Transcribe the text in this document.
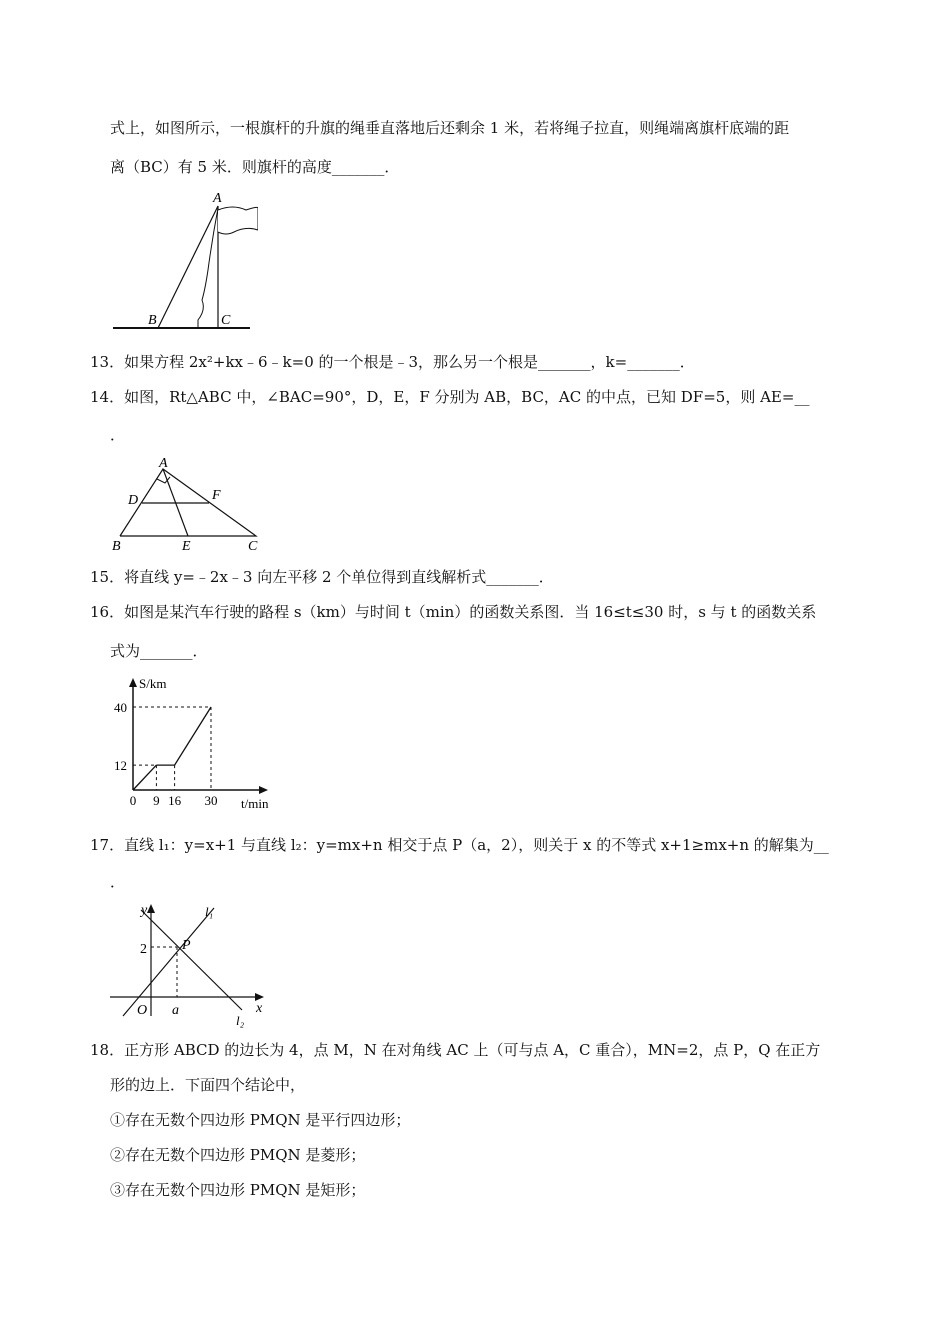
式上，如图所示，一根旗杆的升旗的绳垂直落地后还剩余 1 米，若将绳子拉直，则绳端离旗杆底端的距
离（BC）有 5 米．则旗杆的高度_______．
A
B	C
13．如果方程 2x²+kx﹣6﹣k=0 的一个根是﹣3，那么另一个根是_______，k=_______．
14．如图，Rt△ABC 中，∠BAC=90°，D，E，F 分别为 AB，BC，AC 的中点，已知 DF=5，则 AE=__
．
A
D	F
B	E	C
15．将直线 y=﹣2x﹣3 向左平移 2 个单位得到直线解析式_______．
16．如图是某汽车行驶的路程 s（km）与时间 t（min）的函数关系图．当 16≤t≤30 时，s 与 t 的函数关系
式为_______．
S/km
t/min
0 9 16 30
12
40
17．直线 l₁：y=x+1 与直线 l₂：y=mx+n 相交于点 P（a，2），则关于 x 的不等式 x+1≥mx+n 的解集为__
．
y
x
O a
2	P
l₁
l₂
18．正方形 ABCD 的边长为 4，点 M，N 在对角线 AC 上（可与点 A，C 重合），MN=2，点 P，Q 在正方
形的边上．下面四个结论中，
①存在无数个四边形 PMQN 是平行四边形；
②存在无数个四边形 PMQN 是菱形；
③存在无数个四边形 PMQN 是矩形；
